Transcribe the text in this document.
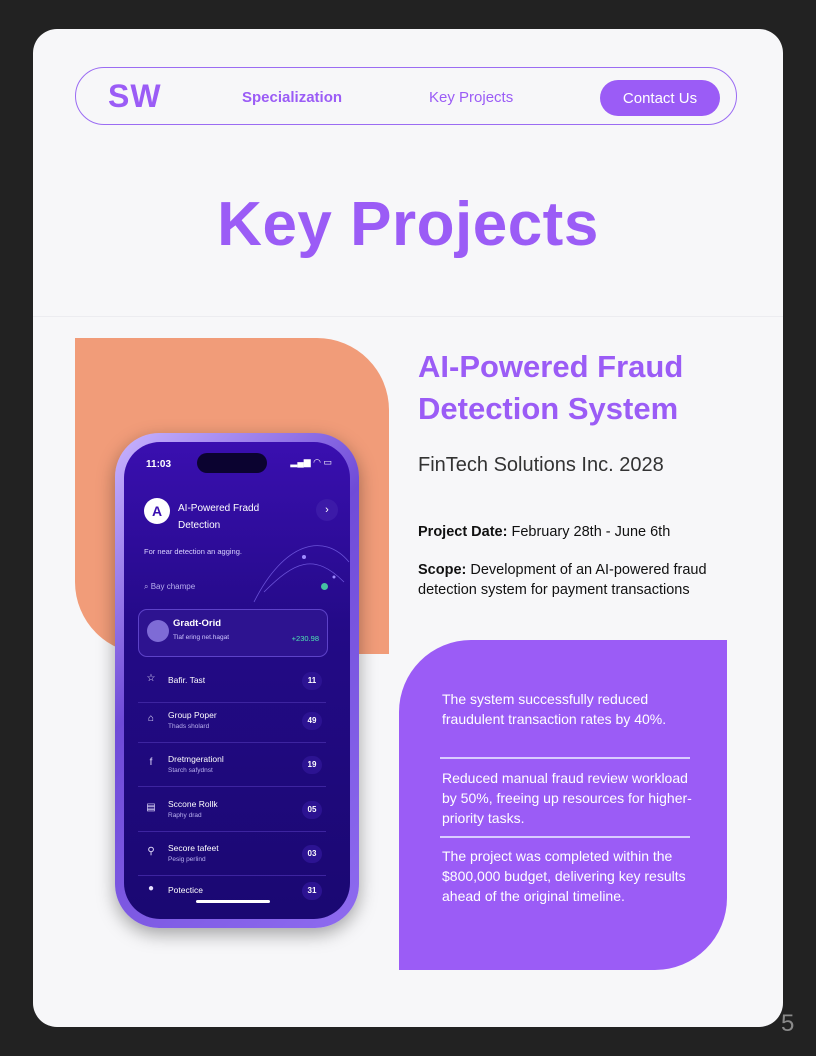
SW	Specialization	Key Projects	Contact Us
Key Projects
11:03	▂▄▆ ◠ ▭
A	AI-Powered Fradd Detection
›
For near detection an agging.
⌕ Bay champe
Gradt-Orid
Tlaf ering net.hagat	+230.98
☆	Bafir. Tast	11
⌂	Group Poper
Thads sholard
49
f	Dretmgerationl
Starch safydnst
19
▤	Sccone Rollk
Raphy drad
05
⚲	Secore tafeet
Pesig perlind
03
●	Potectice	31
AI-Powered Fraud Detection System
FinTech Solutions Inc. 2028
Project Date: February 28th - June 6th
Scope: Development of an AI-powered fraud detection system for payment transactions
The system successfully reduced fraudulent transaction rates by 40%.
Reduced manual fraud review workload by 50%, freeing up resources for higher-priority tasks.
The project was completed within the $800,000 budget, delivering key results ahead of the original timeline.
5
